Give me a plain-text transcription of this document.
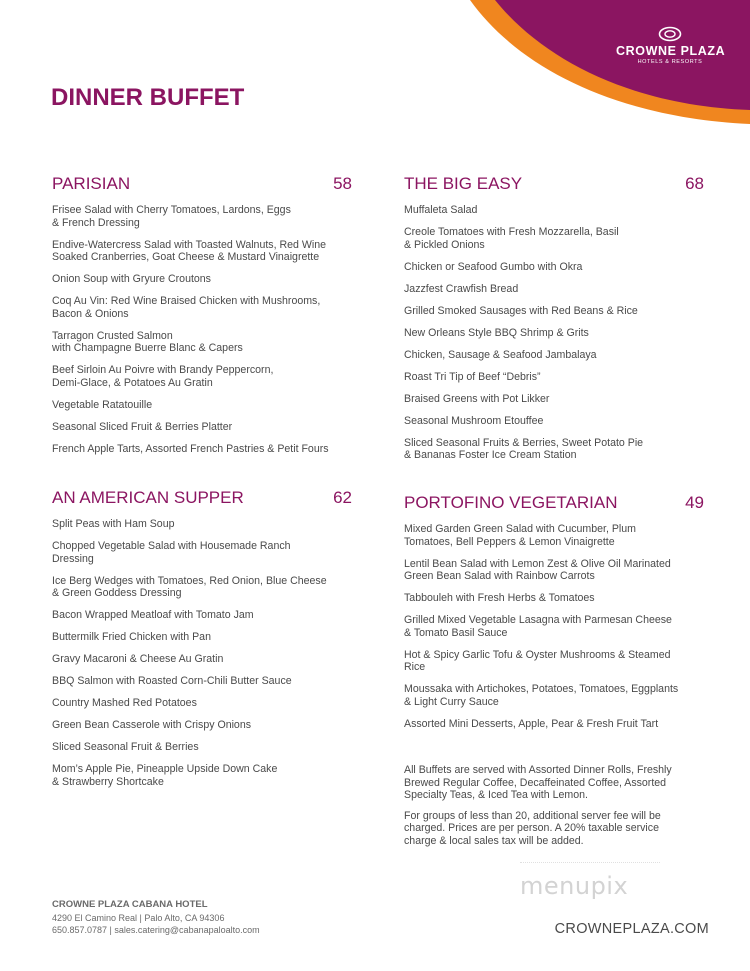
CROWNE PLAZA
HOTELS & RESORTS
DINNER BUFFET
PARISIAN	58
Frisee Salad with Cherry Tomatoes, Lardons, Eggs
& French Dressing
Endive-Watercress Salad with Toasted Walnuts, Red Wine
Soaked Cranberries, Goat Cheese & Mustard Vinaigrette
Onion Soup with Gryure Croutons
Coq Au Vin: Red Wine Braised Chicken with Mushrooms,
Bacon & Onions
Tarragon Crusted Salmon
with Champagne Buerre Blanc & Capers
Beef Sirloin Au Poivre with Brandy Peppercorn,
Demi-Glace, & Potatoes Au Gratin
Vegetable Ratatouille
Seasonal Sliced Fruit & Berries Platter
French Apple Tarts, Assorted French Pastries & Petit Fours
THE BIG EASY	68
Muffaleta Salad
Creole Tomatoes with Fresh Mozzarella, Basil
& Pickled Onions
Chicken or Seafood Gumbo with Okra
Jazzfest Crawfish Bread
Grilled Smoked Sausages with Red Beans & Rice
New Orleans Style BBQ Shrimp & Grits
Chicken, Sausage & Seafood Jambalaya
Roast Tri Tip of Beef “Debris”
Braised Greens with Pot Likker
Seasonal Mushroom Etouffee
Sliced Seasonal Fruits & Berries, Sweet Potato Pie
& Bananas Foster Ice Cream Station
AN AMERICAN SUPPER	62
Split Peas with Ham Soup
Chopped Vegetable Salad with Housemade Ranch
Dressing
Ice Berg Wedges with Tomatoes, Red Onion, Blue Cheese
& Green Goddess Dressing
Bacon Wrapped Meatloaf with Tomato Jam
Buttermilk Fried Chicken with Pan
Gravy Macaroni & Cheese Au Gratin
BBQ Salmon with Roasted Corn-Chili Butter Sauce
Country Mashed Red Potatoes
Green Bean Casserole with Crispy Onions
Sliced Seasonal Fruit & Berries
Mom’s Apple Pie, Pineapple Upside Down Cake
& Strawberry Shortcake
PORTOFINO VEGETARIAN	49
Mixed Garden Green Salad with Cucumber, Plum
Tomatoes, Bell Peppers & Lemon Vinaigrette
Lentil Bean Salad with Lemon Zest & Olive Oil Marinated
Green Bean Salad with Rainbow Carrots
Tabbouleh with Fresh Herbs & Tomatoes
Grilled Mixed Vegetable Lasagna with Parmesan Cheese
& Tomato Basil Sauce
Hot & Spicy Garlic Tofu & Oyster Mushrooms & Steamed
Rice
Moussaka with Artichokes, Potatoes, Tomatoes, Eggplants
& Light Curry Sauce
Assorted Mini Desserts, Apple, Pear & Fresh Fruit Tart

All Buffets are served with Assorted Dinner Rolls, Freshly
Brewed Regular Coffee, Decaffeinated Coffee, Assorted
Specialty Teas, & Iced Tea with Lemon.

For groups of less than 20, additional server fee will be
charged. Prices are per person. A 20% taxable service
charge & local sales tax will be added.

menupix
CROWNE PLAZA CABANA HOTEL
4290 El Camino Real | Palo Alto, CA 94306
650.857.0787 | sales.catering@cabanapaloalto.com	CROWNEPLAZA.COM
